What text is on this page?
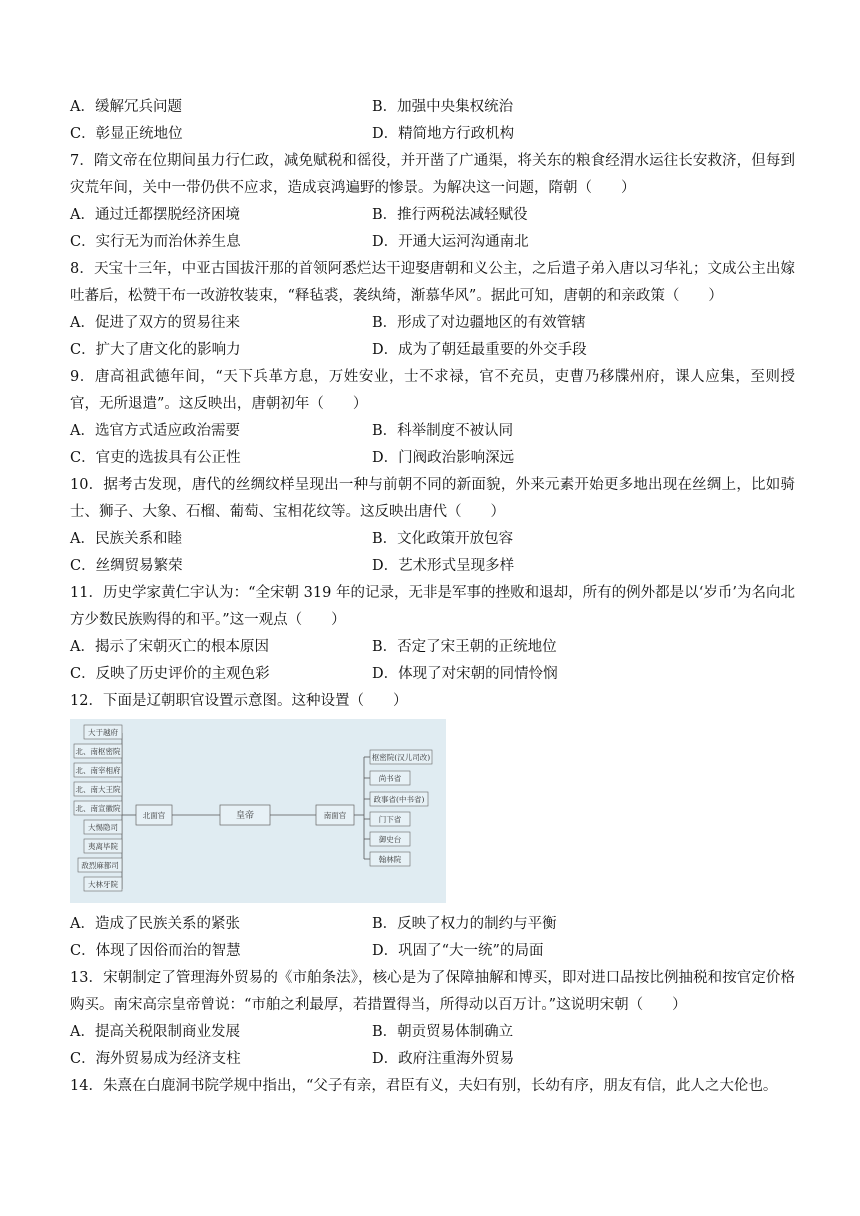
A．缓解冗兵问题	B．加强中央集权统治
C．彰显正统地位	D．精简地方行政机构
7．隋文帝在位期间虽力行仁政，减免赋税和徭役，并开凿了广通渠，将关东的粮食经渭水运往长安救济，但每到灾荒年间，关中一带仍供不应求，造成哀鸿遍野的惨景。为解决这一问题，隋朝（　　）
A．通过迁都摆脱经济困境	B．推行两税法减轻赋役
C．实行无为而治休养生息	D．开通大运河沟通南北
8．天宝十三年，中亚古国拔汗那的首领阿悉烂达干迎娶唐朝和义公主，之后遣子弟入唐以习华礼；文成公主出嫁吐蕃后，松赞干布一改游牧装束，“释毡裘，袭纨绮，渐慕华风”。据此可知，唐朝的和亲政策（　　）
A．促进了双方的贸易往来	B．形成了对边疆地区的有效管辖
C．扩大了唐文化的影响力	D．成为了朝廷最重要的外交手段
9．唐高祖武德年间，“天下兵革方息，万姓安业，士不求禄，官不充员，吏曹乃移牒州府，课人应集，至则授官，无所退遣”。这反映出，唐朝初年（　　）
A．选官方式适应政治需要	B．科举制度不被认同
C．官吏的选拔具有公正性	D．门阀政治影响深远
10．据考古发现，唐代的丝绸纹样呈现出一种与前朝不同的新面貌，外来元素开始更多地出现在丝绸上，比如骑士、狮子、大象、石榴、葡萄、宝相花纹等。这反映出唐代（　　）
A．民族关系和睦	B．文化政策开放包容
C．丝绸贸易繁荣	D．艺术形式呈现多样
11．历史学家黄仁宇认为：“全宋朝 319 年的记录，无非是军事的挫败和退却，所有的例外都是以‘岁币’为名向北方少数民族购得的和平。”这一观点（　　）
A．揭示了宋朝灭亡的根本原因	B．否定了宋王朝的正统地位
C．反映了历史评价的主观色彩	D．体现了对宋朝的同情怜悯
12．下面是辽朝职官设置示意图。这种设置（　　）
大于越府
北、南枢密院
北、南宰相府
北、南大王院
北、南宣徽院
大惕隐司
夷离毕院
敌烈麻都司
大林牙院
北面官	皇帝	南面官
枢密院(汉儿司改)
尚书省
政事省(中书省)
门下省
御史台
翰林院
A．造成了民族关系的紧张	B．反映了权力的制约与平衡
C．体现了因俗而治的智慧	D．巩固了“大一统”的局面
13．宋朝制定了管理海外贸易的《市舶条法》，核心是为了保障抽解和博买，即对进口品按比例抽税和按官定价格购买。南宋高宗皇帝曾说：“市舶之利最厚，若措置得当，所得动以百万计。”这说明宋朝（　　）
A．提高关税限制商业发展	B．朝贡贸易体制确立
C．海外贸易成为经济支柱	D．政府注重海外贸易
14．朱熹在白鹿洞书院学规中指出，“父子有亲，君臣有义，夫妇有别，长幼有序，朋友有信，此人之大伦也。
